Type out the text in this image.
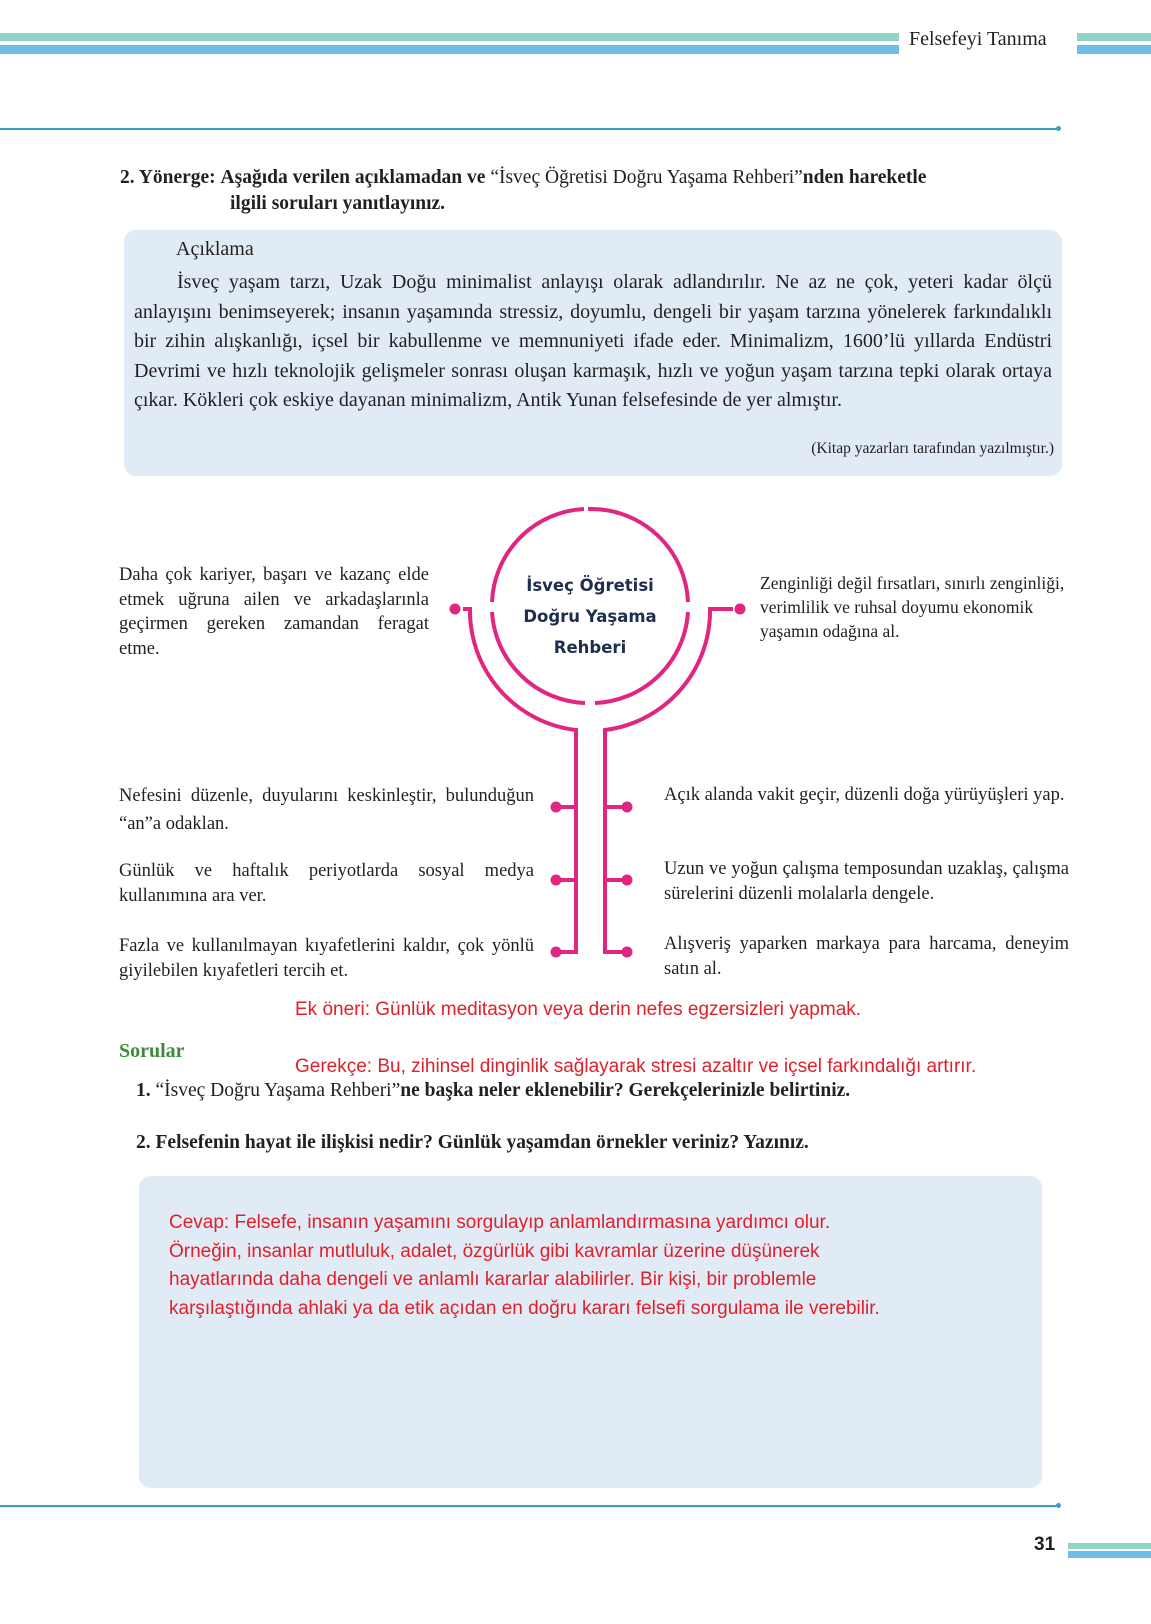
Felsefeyi Tanıma
2. Yönerge: Aşağıda verilen açıklamadan ve “İsveç Öğretisi Doğru Yaşama Rehberi”nden hareketle
ilgili soruları yanıtlayınız.
Açıklama
İsveç yaşam tarzı, Uzak Doğu minimalist anlayışı olarak adlandırılır. Ne az ne çok, yeteri kadar ölçü anlayışını benimseyerek; insanın yaşamında stressiz, doyumlu, dengeli bir yaşam tarzına yönelerek farkındalıklı bir zihin alışkanlığı, içsel bir kabullenme ve memnuniyeti ifade eder. Minimalizm, 1600’lü yıllarda Endüstri Devrimi ve hızlı teknolojik gelişmeler sonrası oluşan karmaşık, hızlı ve yoğun yaşam tarzına tepki olarak ortaya çıkar. Kökleri çok eskiye dayanan minimalizm, Antik Yunan felsefesinde de yer almıştır.
(Kitap yazarları tarafından yazılmıştır.)
İsveç Öğretisi
Doğru Yaşama
Rehberi
Daha çok kariyer, başarı ve kazanç elde etmek uğruna ailen ve arkadaşlarınla geçirmen gereken zamandan feragat etme.
Zenginliği değil fırsatları, sınırlı zenginliği, verimlilik ve ruhsal doyumu ekonomik yaşamın odağına al.
Nefesini düzenle, duyularını keskinleştir, bulunduğun “an”a odaklan.
Günlük ve haftalık periyotlarda sosyal medya kullanımına ara ver.
Fazla ve kullanılmayan kıyafetlerini kaldır, çok yönlü giyilebilen kıyafetleri tercih et.
Açık alanda vakit geçir, düzenli doğa yürüyüşleri yap.
Uzun ve yoğun çalışma temposundan uzaklaş, çalışma sürelerini düzenli molalarla dengele.
Alışveriş yaparken markaya para harcama, deneyim satın al.
Ek öneri: Günlük meditasyon veya derin nefes egzersizleri yapmak.
Sorular
Gerekçe: Bu, zihinsel dinginlik sağlayarak stresi azaltır ve içsel farkındalığı artırır.
1. “İsveç Doğru Yaşama Rehberi”ne başka neler eklenebilir? Gerekçelerinizle belirtiniz.
2. Felsefenin hayat ile ilişkisi nedir? Günlük yaşamdan örnekler veriniz? Yazınız.
Cevap: Felsefe, insanın yaşamını sorgulayıp anlamlandırmasına yardımcı olur.
Örneğin, insanlar mutluluk, adalet, özgürlük gibi kavramlar üzerine düşünerek
hayatlarında daha dengeli ve anlamlı kararlar alabilirler. Bir kişi, bir problemle
karşılaştığında ahlaki ya da etik açıdan en doğru kararı felsefi sorgulama ile verebilir.
31
